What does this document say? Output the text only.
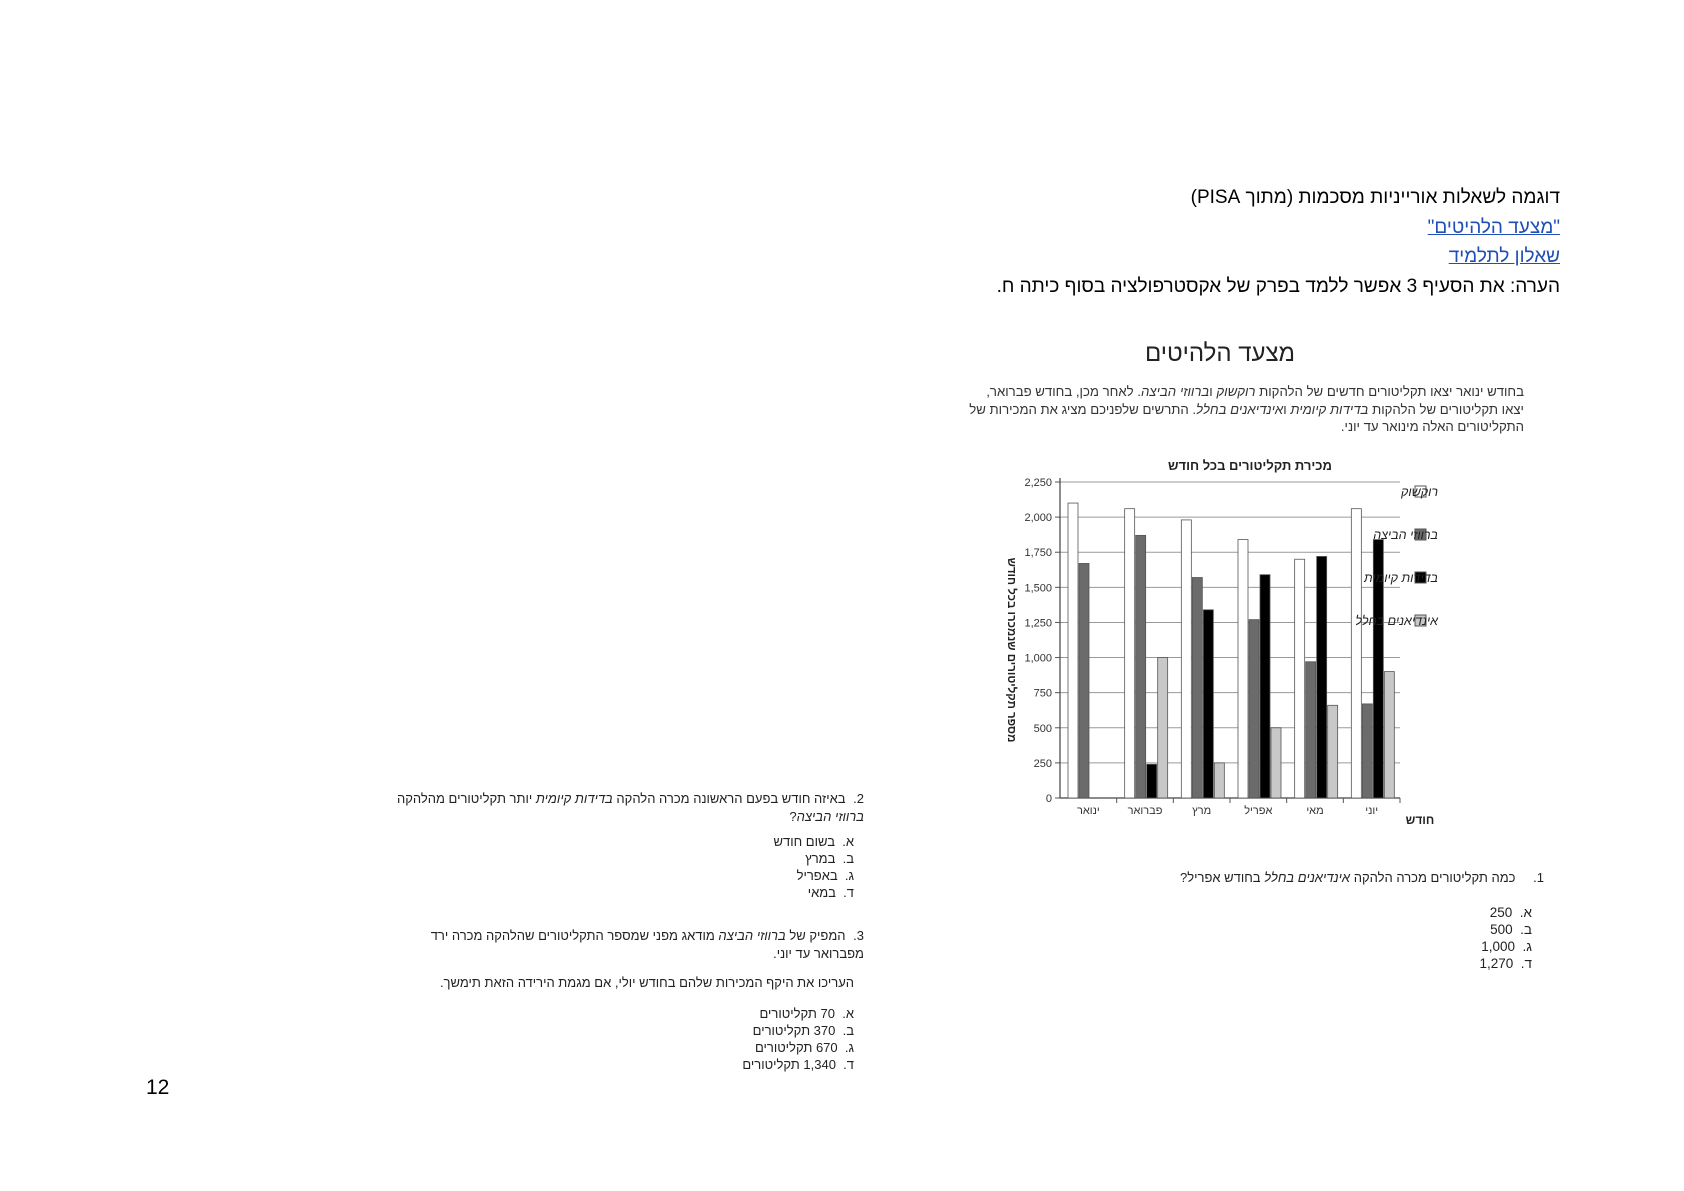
דוגמה לשאלות אורייניות מסכמות (מתוך PISA)
"מצעד הלהיטים"
שאלון לתלמיד
הערה: את הסעיף 3 אפשר ללמד בפרק של אקסטרפולציה בסוף כיתה ח.
מצעד הלהיטים
בחודש ינואר יצאו תקליטורים חדשים של הלהקות רוקשוק וברווזי הביצה. לאחר מכן, בחודש פברואר, יצאו תקליטורים של הלהקות בדידות קיומית ואינדיאנים בחלל. התרשים שלפניכם מציג את המכירות של התקליטורים האלה מינואר עד יוני.
מכירת תקליטורים בכל חודש
0
250
500
750
1,000
1,250
1,500
1,750
2,000
2,250
ינואר	פברואר	מרץ	אפריל	מאי	יוני
חודש
מספר תקליטורים שנמכרו בכל חודש
רוקשוק
ברווזי הביצה
בדידות קיומית
אינדיאנים בחלל
1. כמה תקליטורים מכרה הלהקה אינדיאנים בחלל בחודש אפריל?
א.  250
ב.  500
ג.  1,000
ד.  1,270
2. באיזה חודש בפעם הראשונה מכרה הלהקה בדידות קיומית יותר תקליטורים מהלהקה ברווזי הביצה?
א.  בשום חודש
ב.  במרץ
ג.  באפריל
ד.  במאי
3. המפיק של ברווזי הביצה מודאג מפני שמספר התקליטורים שהלהקה מכרה ירד מפברואר עד יוני.
העריכו את היקף המכירות שלהם בחודש יולי, אם מגמת הירידה הזאת תימשך.
א.  70 תקליטורים
ב.  370 תקליטורים
ג.  670 תקליטורים
ד.  1,340 תקליטורים
12
